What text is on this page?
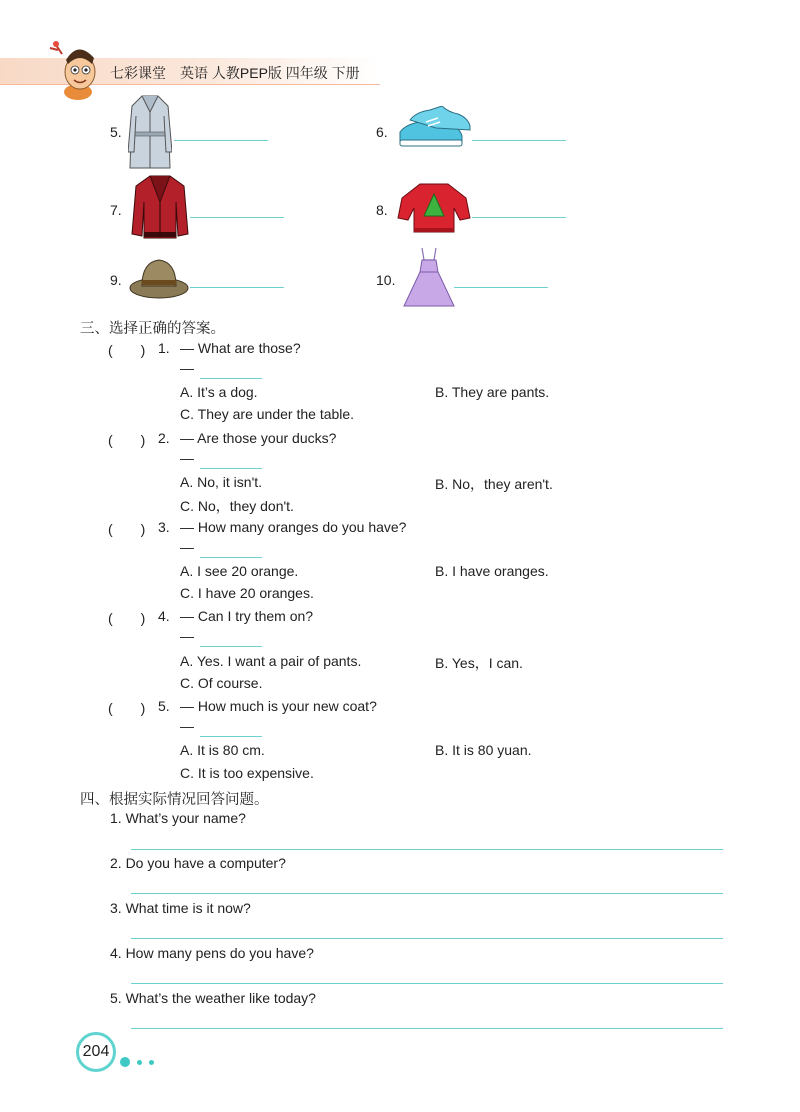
七彩课堂　英语 人教PEP版 四年级 下册
5.	6.
7.	8.
9.	10.
三、选择正确的答案。
(　　) 1. — What are those?
—
A. It’s a dog.	B. They are pants.
C. They are under the table.
(　　) 2. — Are those your ducks?
—
A. No, it isn't.	B. No，they aren't.
C. No，they don't.
(　　) 3. — How many oranges do you have?
—
A. I see 20 orange.	B. I have oranges.
C. I have 20 oranges.
(　　) 4. — Can I try them on?
—
A. Yes. I want a pair of pants.	B. Yes，I can.
C. Of course.
(　　) 5. — How much is your new coat?
—
A. It is 80 cm.	B. It is 80 yuan.
C. It is too expensive.
四、根据实际情况回答问题。
1. What’s your name?
2. Do you have a computer?
3. What time is it now?
4. How many pens do you have?
5. What’s the weather like today?
204
